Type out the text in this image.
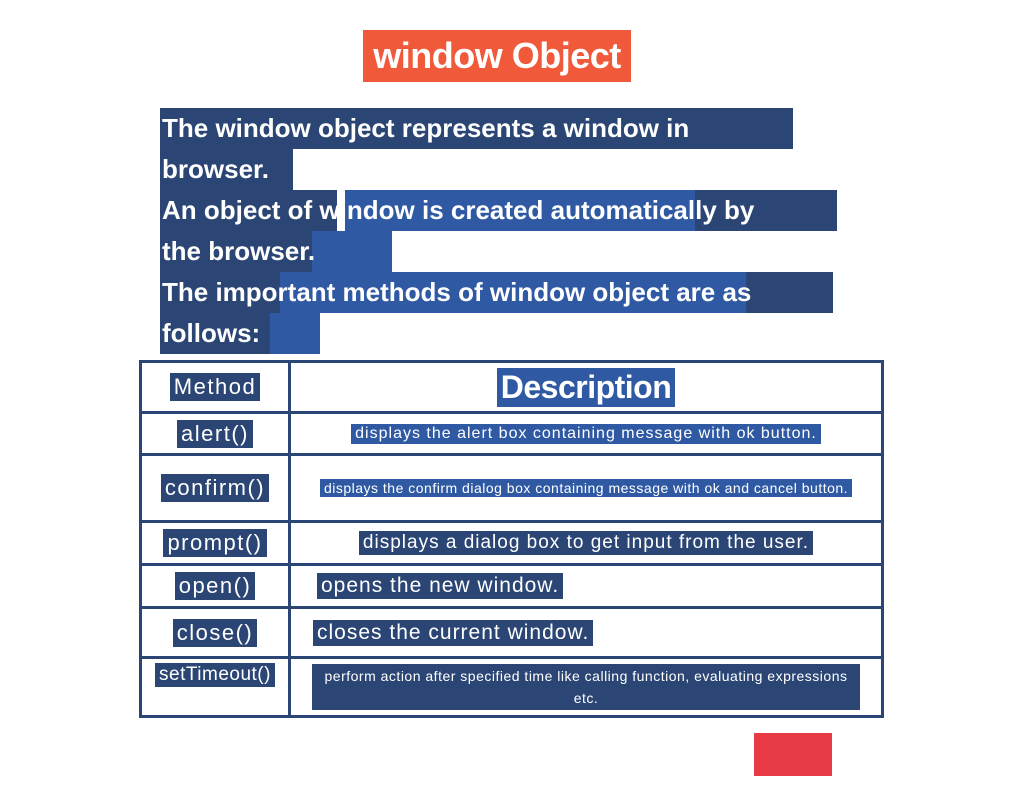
window Object
The window object represents a window in
browser.
An object of window is created automatically by
the browser.
The important methods of window object are as
follows:
Method	Description
alert()	displays the alert box containing message with ok button.
confirm()	displays the confirm dialog box containing message with ok and cancel button.
prompt()	displays a dialog box to get input from the user.
open()	opens the new window.
close()	closes the current window.
setTimeout()	perform action after specified time like calling function, evaluating expressions etc.
